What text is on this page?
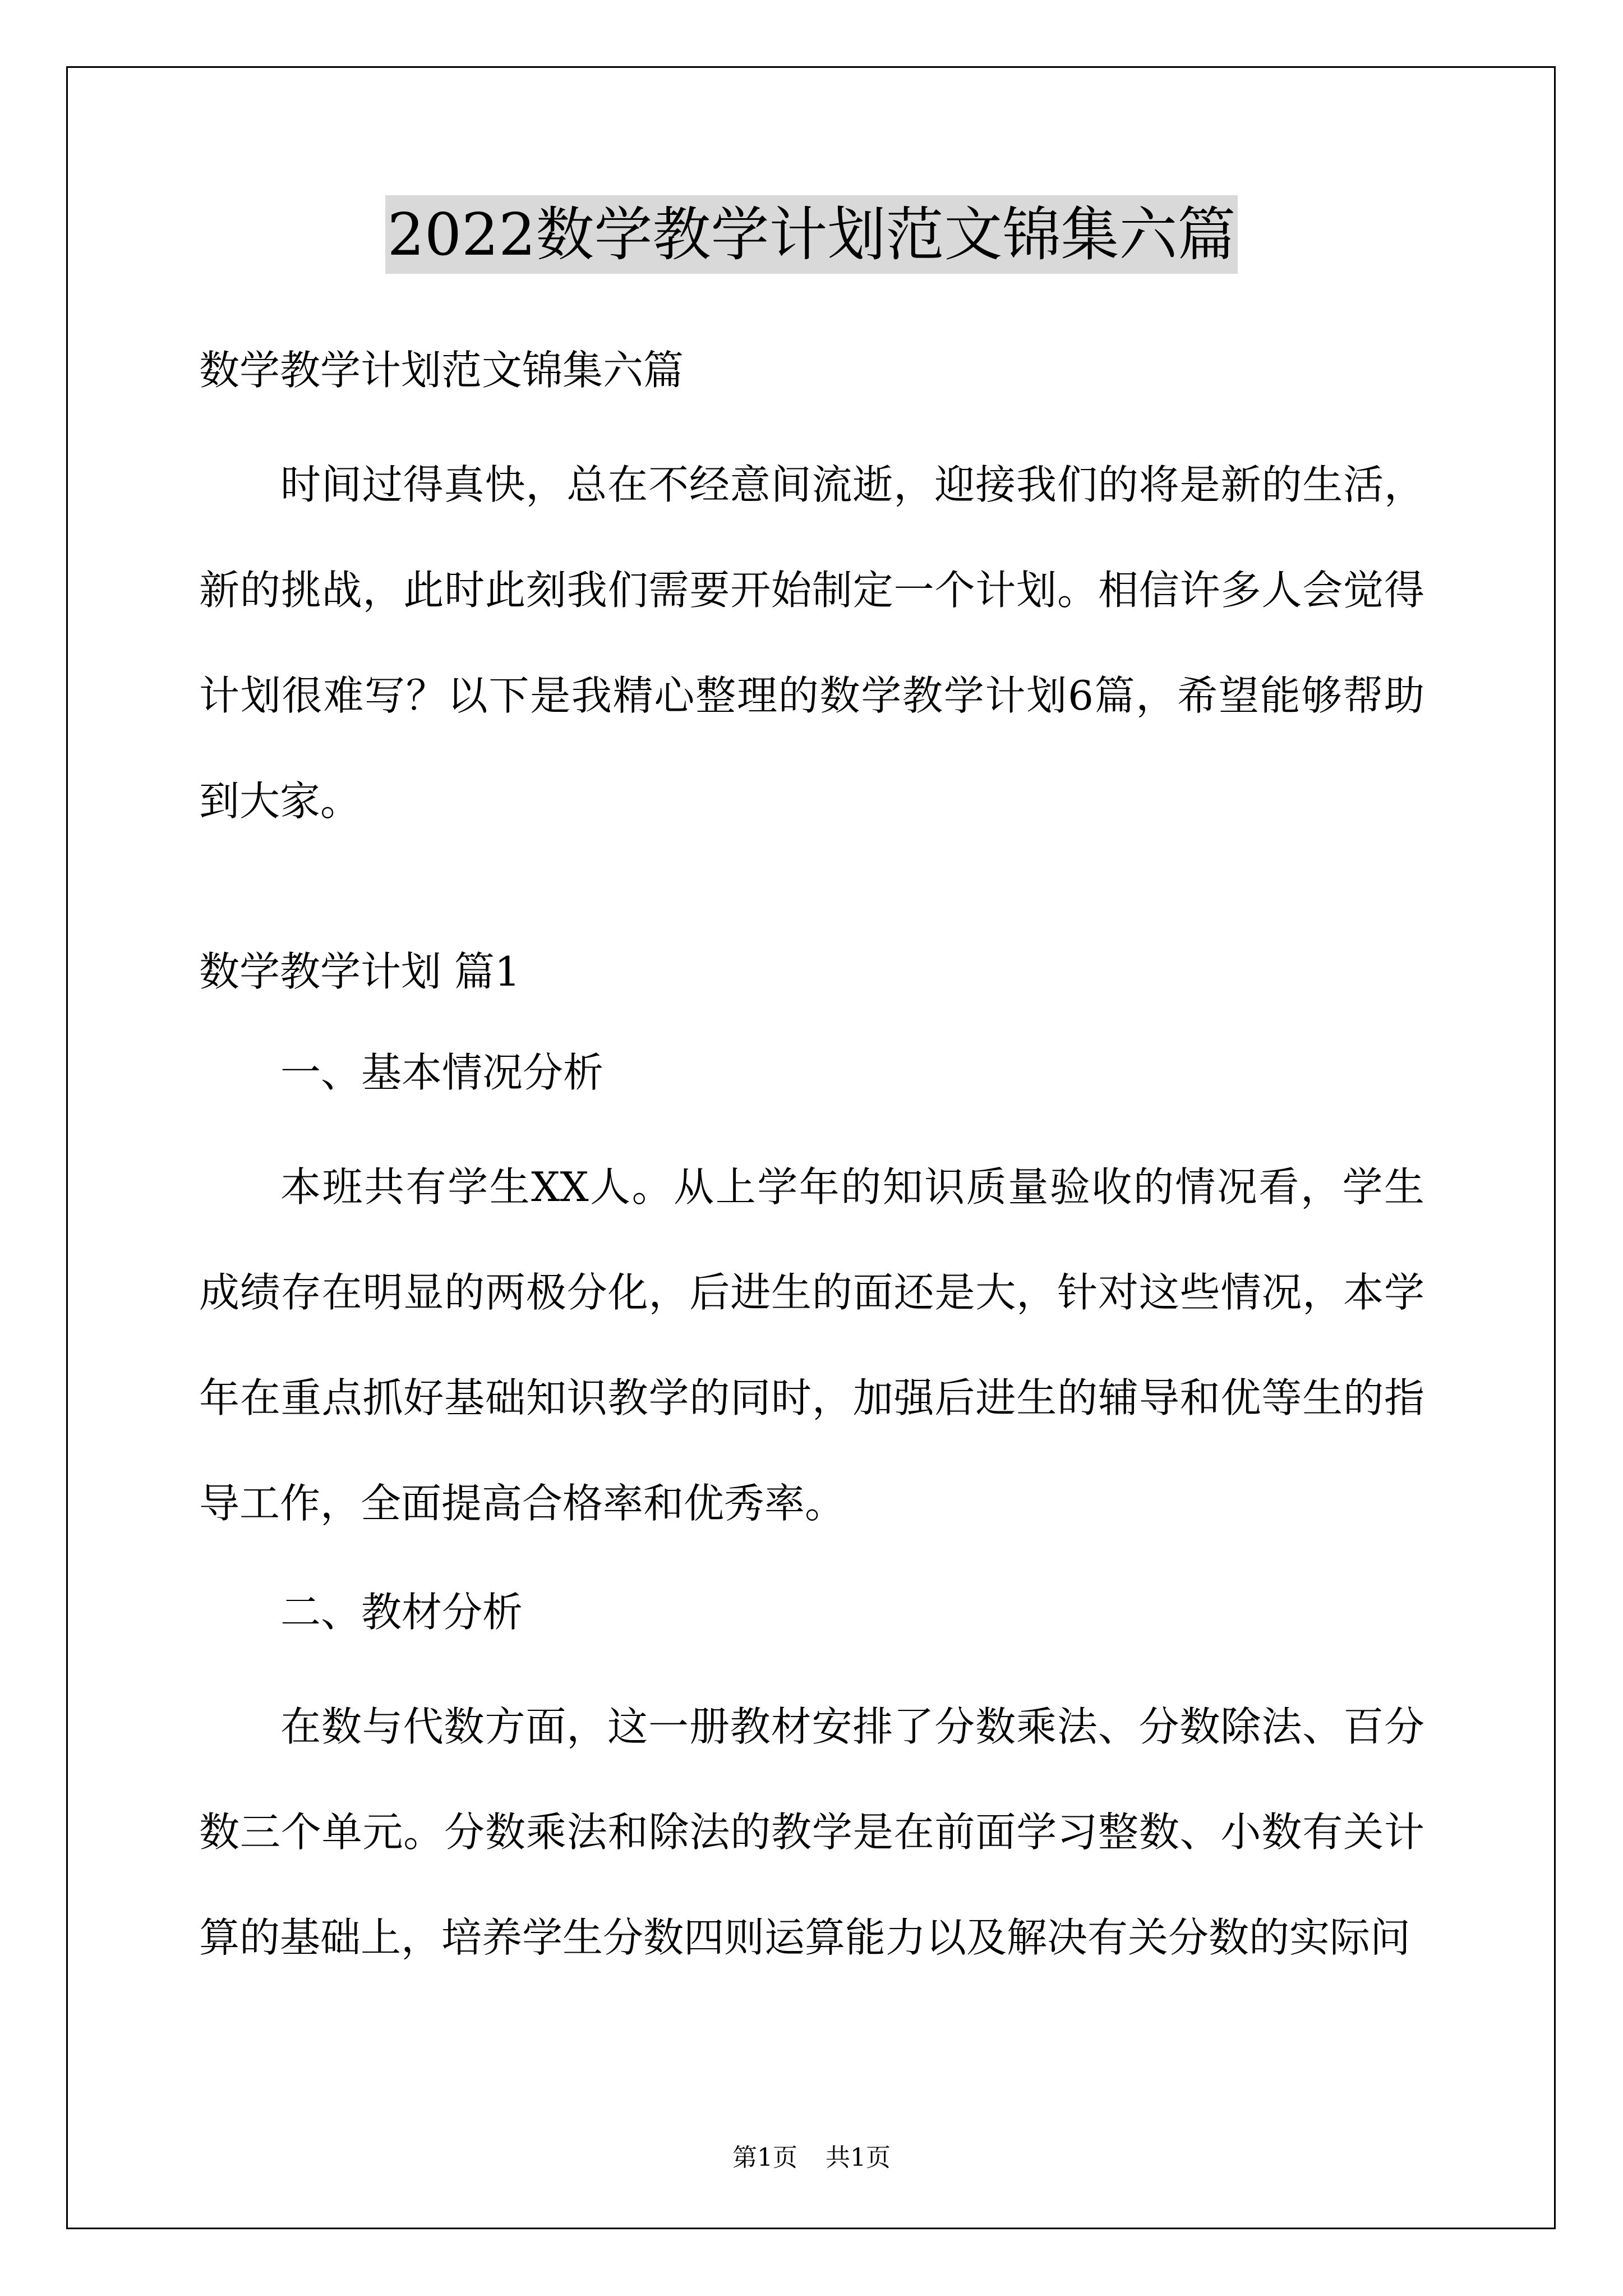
2022数学教学计划范文锦集六篇

数学教学计划范文锦集六篇

时间过得真快，总在不经意间流逝，迎接我们的将是新的生活，新的挑战，此时此刻我们需要开始制定一个计划。相信许多人会觉得计划很难写？以下是我精心整理的数学教学计划6篇，希望能够帮助到大家。

数学教学计划 篇1

一、基本情况分析

本班共有学生XX人。从上学年的知识质量验收的情况看，学生成绩存在明显的两极分化，后进生的面还是大，针对这些情况，本学年在重点抓好基础知识教学的同时，加强后进生的辅导和优等生的指导工作，全面提高合格率和优秀率。

二、教材分析

在数与代数方面，这一册教材安排了分数乘法、分数除法、百分数三个单元。分数乘法和除法的教学是在前面学习整数、小数有关计算的基础上，培养学生分数四则运算能力以及解决有关分数的实际问

第1页 共1页
